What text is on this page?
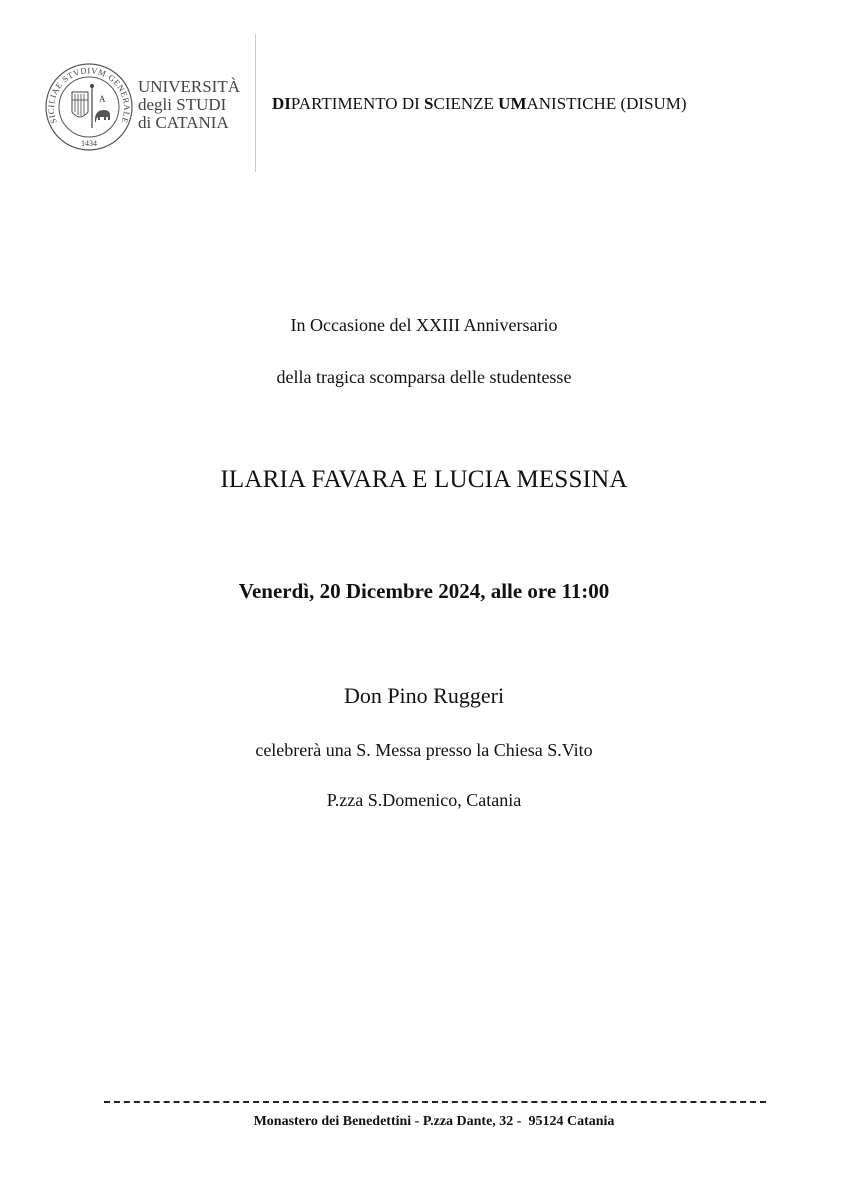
SICILIAE STVDIVM GENERALE
1434
A
UNIVERSITÀ
degli STUDI
di CATANIA
DIPARTIMENTO DI SCIENZE UMANISTICHE (DISUM)
In Occasione del XXIII Anniversario
della tragica scomparsa delle studentesse
ILARIA FAVARA E LUCIA MESSINA
Venerdì, 20 Dicembre 2024, alle ore 11:00
Don Pino Ruggeri
celebrerà una S. Messa presso la Chiesa S.Vito
P.zza S.Domenico, Catania
Monastero dei Benedettini - P.zza Dante, 32 -  95124 Catania
